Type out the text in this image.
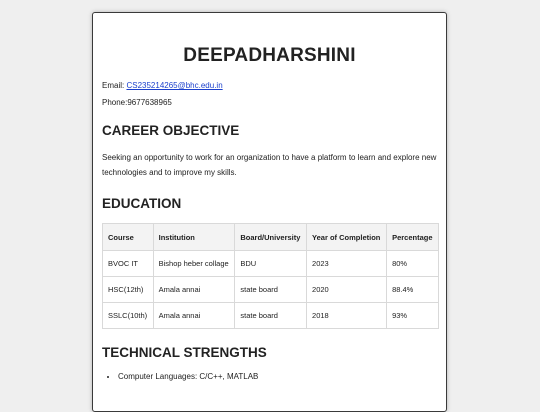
DEEPADHARSHINI

Email: CS235214265@bhc.edu.in

Phone:9677638965

CAREER OBJECTIVE

Seeking an opportunity to work for an organization to have a platform to learn and explore new technologies and to improve my skills.

EDUCATION
Course	Institution	Board/University	Year of Completion	Percentage
BVOC IT	Bishop heber collage	BDU	2023	80%
HSC(12th)	Amala annai	state board	2020	88.4%
SSLC(10th)	Amala annai	state board	2018	93%
TECHNICAL STRENGTHS
• Computer Languages: C/C++, MATLAB
